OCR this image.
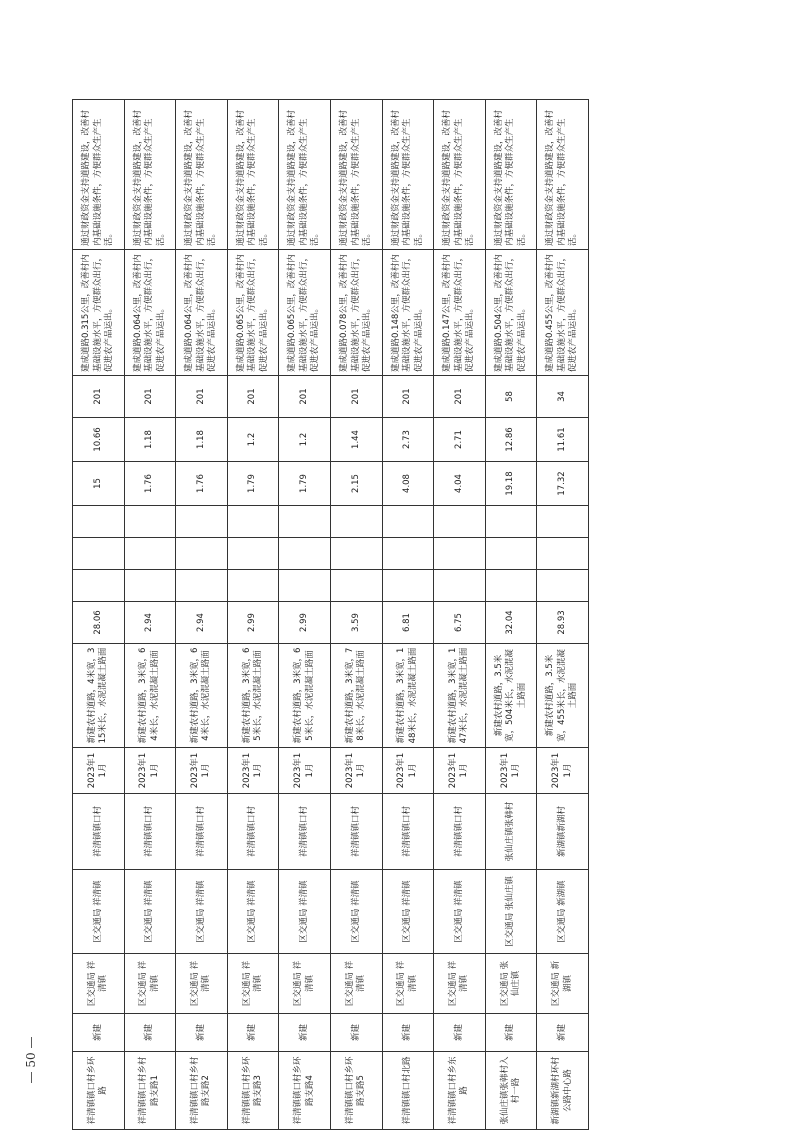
祥清镇镇口村乡环路	新建	区交通局 祥清镇	区交通局 祥清镇	祥清镇镇口村	2023年11月	新建农村道路，4米宽，315米长，水泥混凝土路面	28.06				15	10.66	201	建成道路0.315公里，改善村内基础设施水平，方便群众出行，促进农产品运出。	通过财政资金支持道路建设，改善村内基础设施条件，方便群众生产生活。
祥清镇镇口村乡村路支路1	新建	区交通局 祥清镇	区交通局 祥清镇	祥清镇镇口村	2023年11月	新建农村道路，3米宽，64米长，水泥混凝土路面	2.94				1.76	1.18	201	建成道路0.064公里，改善村内基础设施水平，方便群众出行，促进农产品运出。	通过财政资金支持道路建设，改善村内基础设施条件，方便群众生产生活。
祥清镇镇口村乡村路支路2	新建	区交通局 祥清镇	区交通局 祥清镇	祥清镇镇口村	2023年11月	新建农村道路，3米宽，64米长，水泥混凝土路面	2.94				1.76	1.18	201	建成道路0.064公里，改善村内基础设施水平，方便群众出行，促进农产品运出。	通过财政资金支持道路建设，改善村内基础设施条件，方便群众生产生活。
祥清镇镇口村乡环路支路3	新建	区交通局 祥清镇	区交通局 祥清镇	祥清镇镇口村	2023年11月	新建农村道路，3米宽，65米长，水泥混凝土路面	2.99				1.79	1.2	201	建成道路0.065公里，改善村内基础设施水平，方便群众出行，促进农产品运出。	通过财政资金支持道路建设，改善村内基础设施条件，方便群众生产生活。
祥清镇镇口村乡环路支路4	新建	区交通局 祥清镇	区交通局 祥清镇	祥清镇镇口村	2023年11月	新建农村道路，3米宽，65米长，水泥混凝土路面	2.99				1.79	1.2	201	建成道路0.065公里，改善村内基础设施水平，方便群众出行，促进农产品运出。	通过财政资金支持道路建设，改善村内基础设施条件，方便群众生产生活。
祥清镇镇口村乡环路支路5	新建	区交通局 祥清镇	区交通局 祥清镇	祥清镇镇口村	2023年11月	新建农村道路，3米宽，78米长，水泥混凝土路面	3.59				2.15	1.44	201	建成道路0.078公里，改善村内基础设施水平，方便群众出行，促进农产品运出。	通过财政资金支持道路建设，改善村内基础设施条件，方便群众生产生活。
祥清镇镇口村北路	新建	区交通局 祥清镇	区交通局 祥清镇	祥清镇镇口村	2023年11月	新建农村道路，3米宽，148米长，水泥混凝土路面	6.81				4.08	2.73	201	建成道路0.148公里，改善村内基础设施水平，方便群众出行，促进农产品运出。	通过财政资金支持道路建设，改善村内基础设施条件，方便群众生产生活。
祥清镇镇口村乡东路	新建	区交通局 祥清镇	区交通局 祥清镇	祥清镇镇口村	2023年11月	新建农村道路，3米宽，147米长，水泥混凝土路面	6.75				4.04	2.71	201	建成道路0.147公里，改善村内基础设施水平，方便群众出行，促进农产品运出。	通过财政资金支持道路建设，改善村内基础设施条件，方便群众生产生活。
张仙庄镇张韩村入村一路	新建	区交通局 张仙庄镇	区交通局 张仙庄镇	张仙庄镇张韩村	2023年11月	新建农村道路，3.5米宽，504米长，水泥混凝土路面	32.04				19.18	12.86	58	建成道路0.504公里，改善村内基础设施水平，方便群众出行，促进农产品运出。	通过财政资金支持道路建设，改善村内基础设施条件，方便群众生产生活。
新湖镇新湖村环村公路中心路	新建	区交通局 新湖镇	区交通局 新湖镇	新湖镇新湖村	2023年11月	新建农村道路，3.5米宽，455米长，水泥混凝土路面	28.93				17.32	11.61	34	建成道路0.455公里，改善村内基础设施水平，方便群众出行，促进农产品运出。	通过财政资金支持道路建设，改善村内基础设施条件，方便群众生产生活。
— 50 —
